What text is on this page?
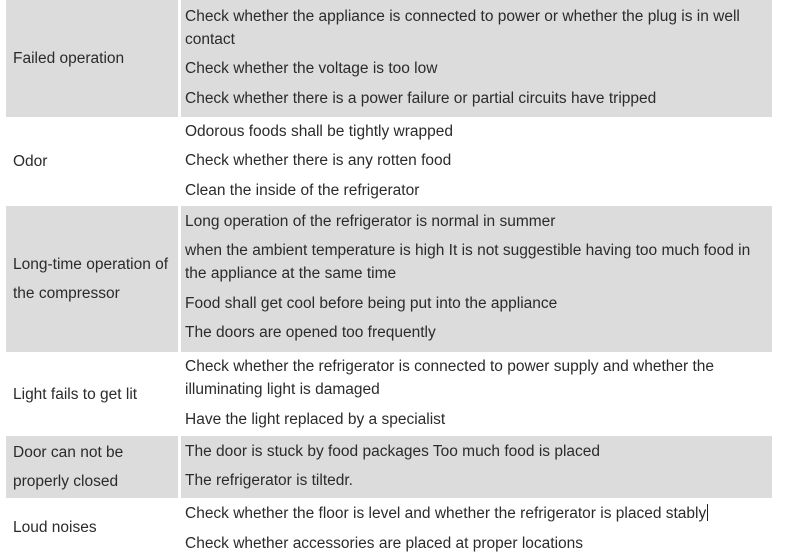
Failed operation

Check whether the appliance is connected to power or whether the plug is in well contact

Check whether the voltage is too low

Check whether there is a power failure or partial circuits have tripped

Odor

Odorous foods shall be tightly wrapped

Check whether there is any rotten food

Clean the inside of the refrigerator

Long-time operation of the compressor

Long operation of the refrigerator is normal in summer

when the ambient temperature is high It is not suggestible having too much food in the appliance at the same time

Food shall get cool before being put into the appliance

The doors are opened too frequently

Light fails to get lit

Check whether the refrigerator is connected to power supply and whether the illuminating light is damaged

Have the light replaced by a specialist

Door can not be properly closed

The door is stuck by food packages Too much food is placed

The refrigerator is tiltedr.

Loud noises

Check whether the floor is level and whether the refrigerator is placed stably

Check whether accessories are placed at proper locations
